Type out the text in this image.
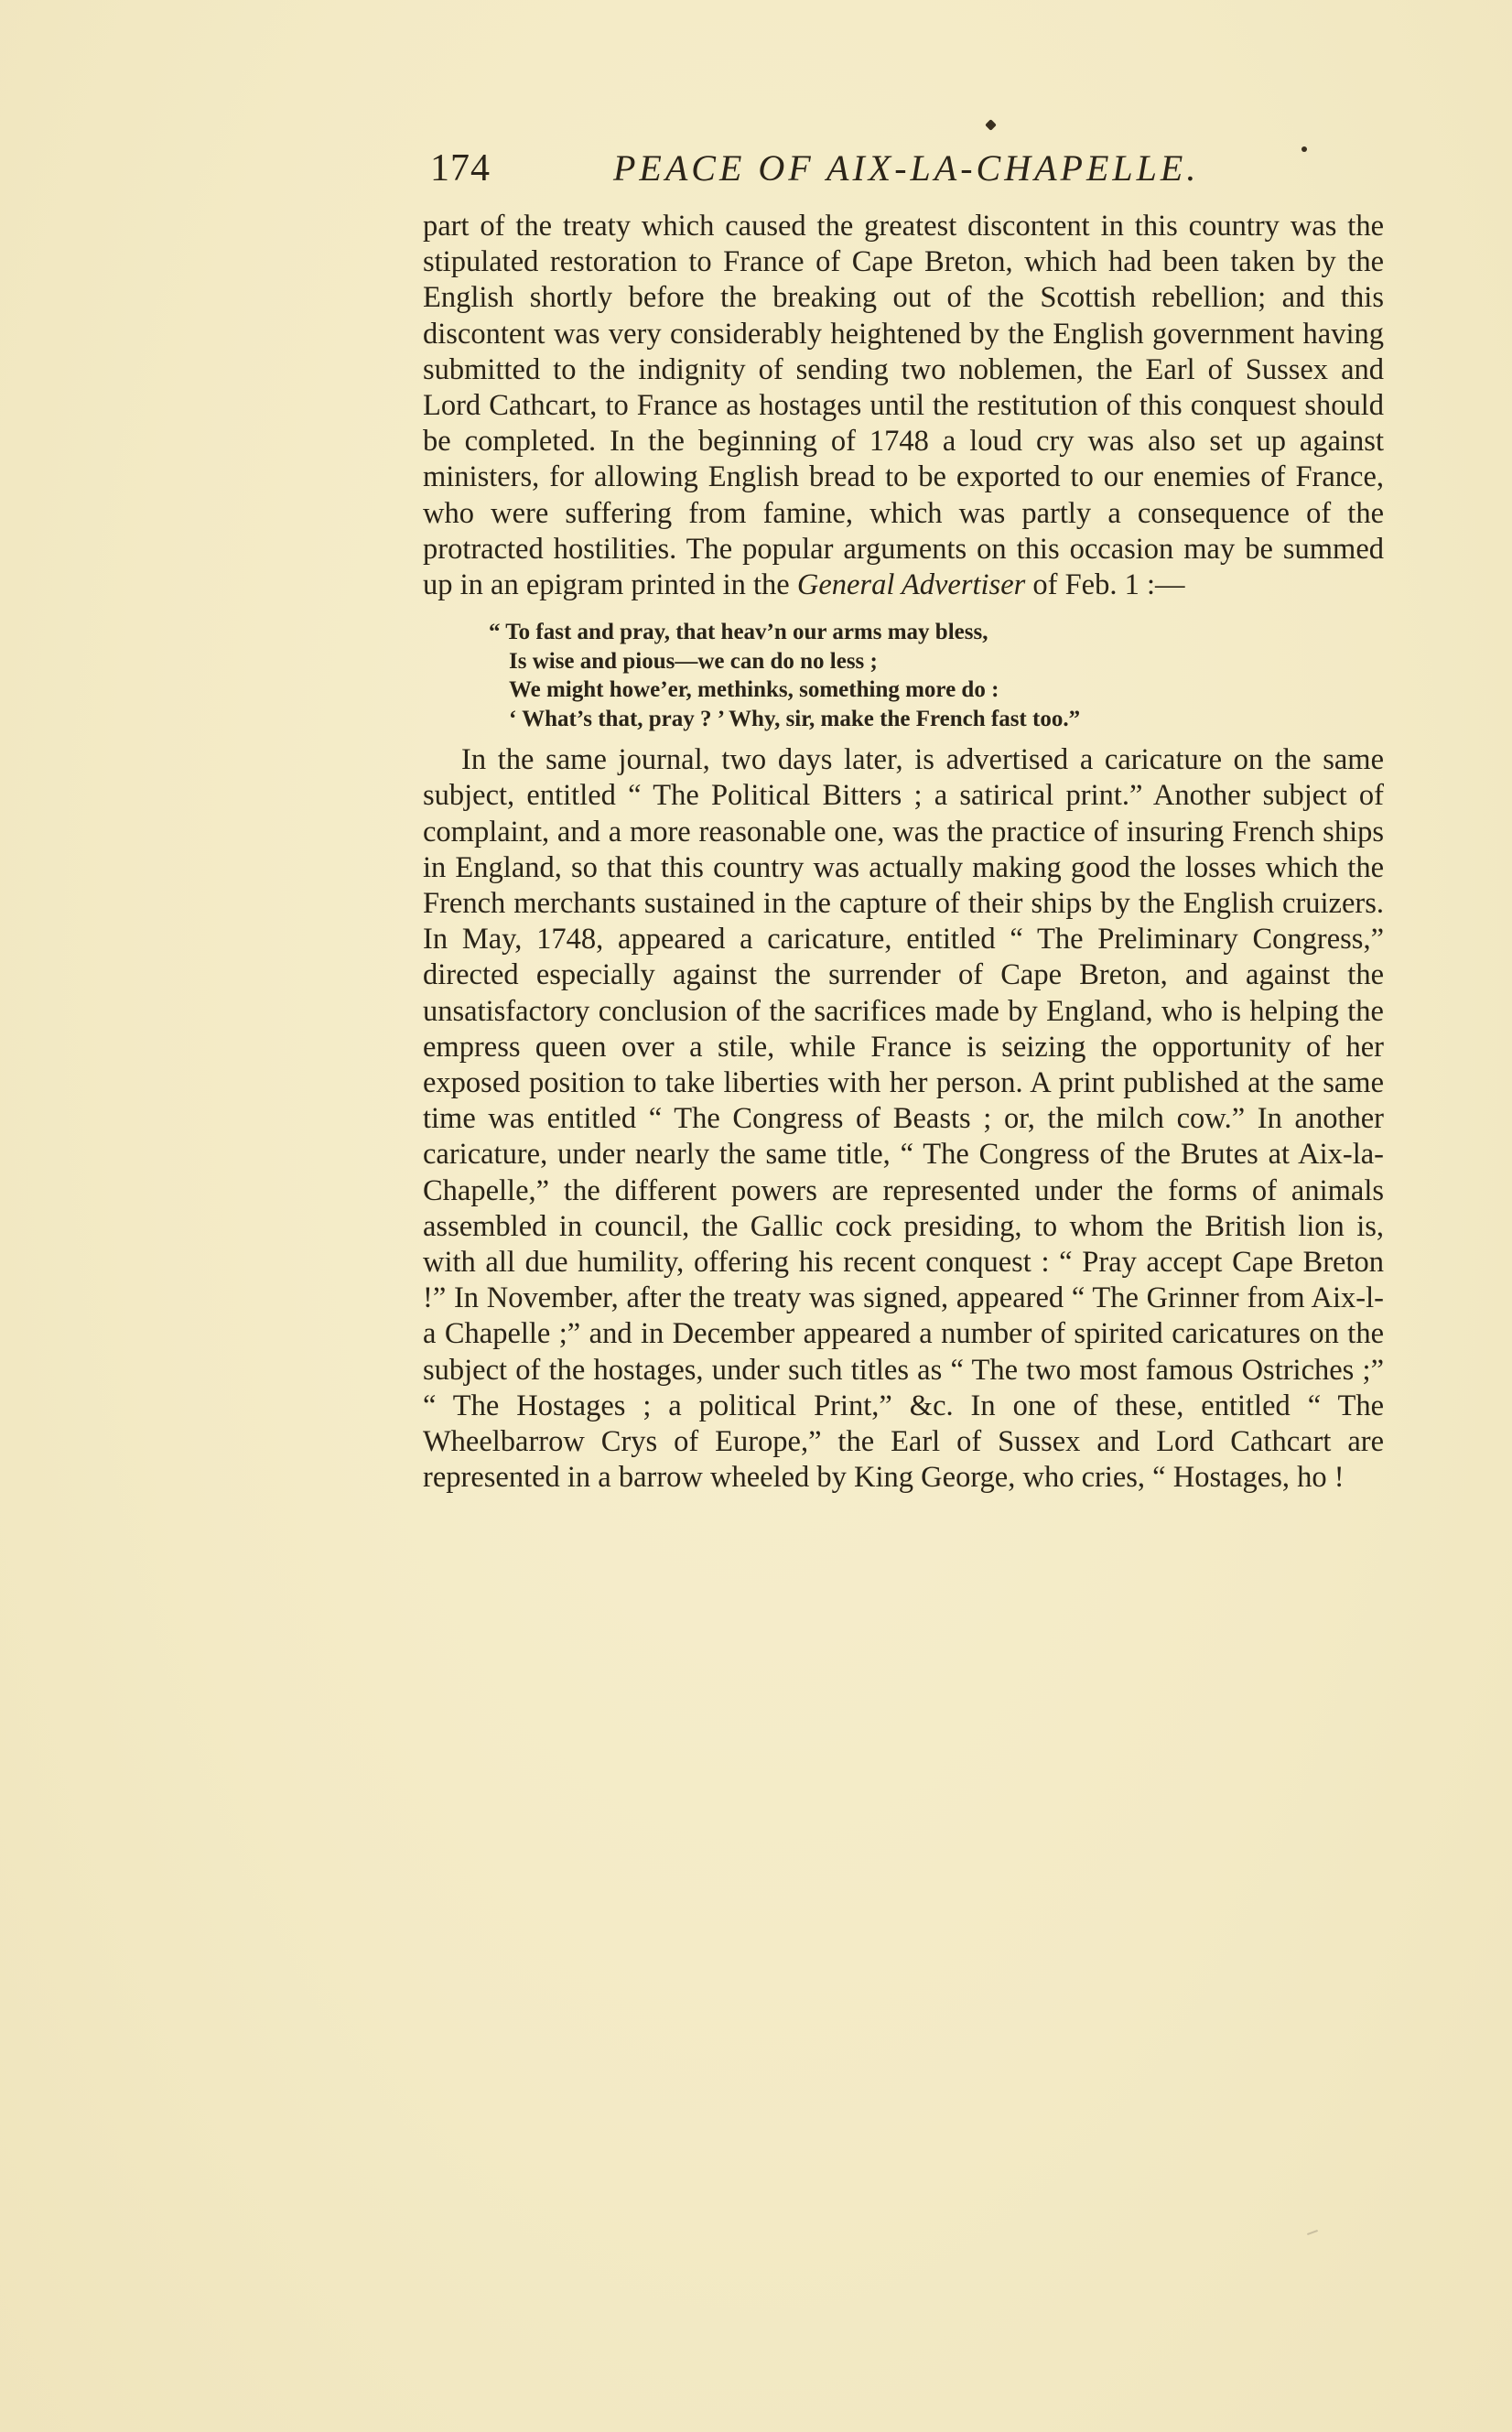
174	PEACE OF AIX-LA-CHAPELLE.

part of the treaty which caused the greatest discontent in this country was the stipulated restoration to France of Cape Breton, which had been taken by the English shortly before the breaking out of the Scottish rebellion; and this discontent was very considerably heightened by the English government having submitted to the indignity of sending two noblemen, the Earl of Sussex and Lord Cathcart, to France as hostages until the restitution of this conquest should be completed. In the beginning of 1748 a loud cry was also set up against ministers, for allowing English bread to be exported to our enemies of France, who were suffering from famine, which was partly a consequence of the protracted hostilities. The popular arguments on this occasion may be summed up in an epigram printed in the General Advertiser of Feb. 1 :—

“ To fast and pray, that heav’n our arms may bless,
Is wise and pious—we can do no less ;
We might howe’er, methinks, something more do :
‘ What’s that, pray ? ’ Why, sir, make the French fast too.”

In the same journal, two days later, is advertised a caricature on the same subject, entitled “ The Political Bitters ; a satirical print.” Another subject of complaint, and a more reasonable one, was the practice of insuring French ships in England, so that this country was actually making good the losses which the French merchants sustained in the capture of their ships by the English cruizers. In May, 1748, appeared a caricature, entitled “ The Preliminary Congress,” directed especially against the surrender of Cape Breton, and against the unsatisfactory conclusion of the sacrifices made by England, who is helping the empress queen over a stile, while France is seizing the opportunity of her exposed position to take liberties with her person. A print published at the same time was entitled “ The Congress of Beasts ; or, the milch cow.” In another caricature, under nearly the same title, “ The Congress of the Brutes at Aix-la-Chapelle,” the different powers are represented under the forms of animals assembled in council, the Gallic cock presiding, to whom the British lion is, with all due humility, offering his recent conquest : “ Pray accept Cape Breton !” In November, after the treaty was signed, appeared “ The Grinner from Aix-l-a Chapelle ;” and in December appeared a number of spirited caricatures on the subject of the hostages, under such titles as “ The two most famous Ostriches ;” “ The Hostages ; a political Print,” &c. In one of these, entitled “ The Wheelbarrow Crys of Europe,” the Earl of Sussex and Lord Cathcart are represented in a barrow wheeled by King George, who cries, “ Hostages, ho !
